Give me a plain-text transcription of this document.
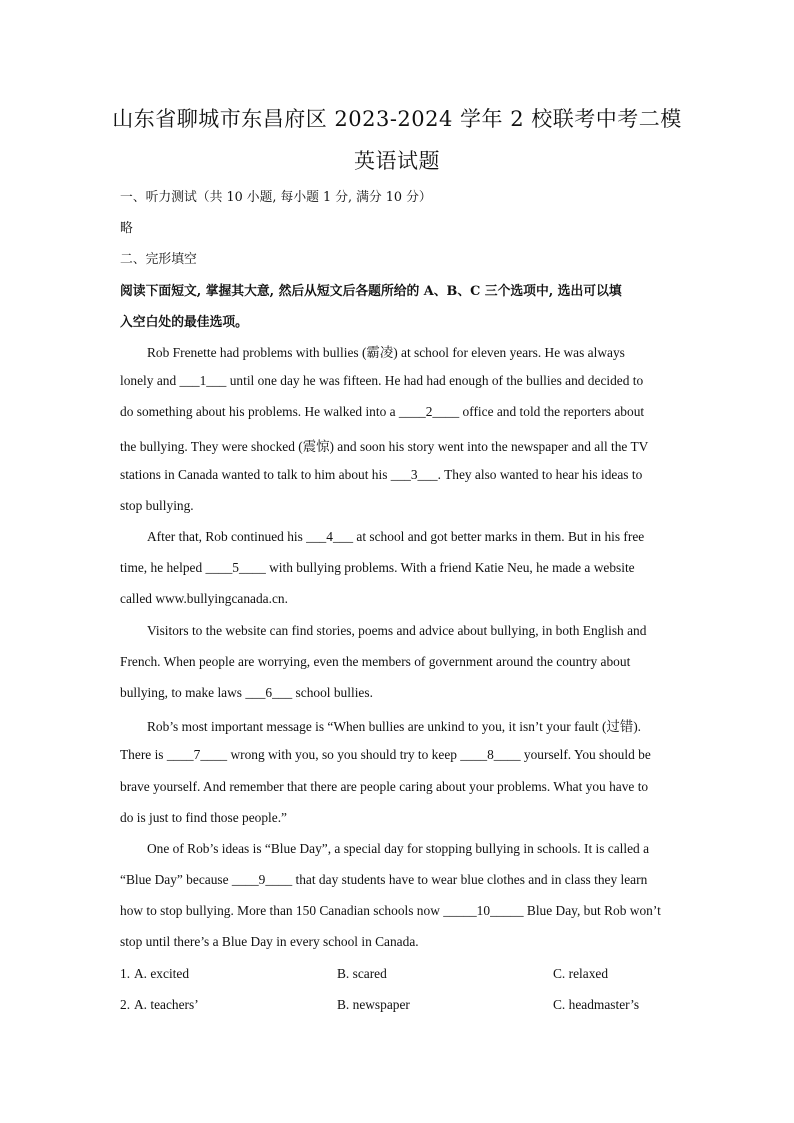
山东省聊城市东昌府区 2023-2024 学年 2 校联考中考二模
英语试题
一、听力测试（共 10 小题, 每小题 1 分, 满分 10 分）
略
二、完形填空
阅读下面短文, 掌握其大意, 然后从短文后各题所给的 A、B、C 三个选项中, 选出可以填
入空白处的最佳选项。
Rob Frenette had problems with bullies (霸凌) at school for eleven years. He was always
lonely and ___1___ until one day he was fifteen. He had had enough of the bullies and decided to
do something about his problems. He walked into a ____2____ office and told the reporters about
the bullying. They were shocked (震惊) and soon his story went into the newspaper and all the TV
stations in Canada wanted to talk to him about his ___3___. They also wanted to hear his ideas to
stop bullying.
After that, Rob continued his ___4___ at school and got better marks in them. But in his free
time, he helped ____5____ with bullying problems. With a friend Katie Neu, he made a website
called www.bullyingcanada.cn.
Visitors to the website can find stories, poems and advice about bullying, in both English and
French. When people are worrying, even the members of government around the country about
bullying, to make laws ___6___ school bullies.
Rob’s most important message is “When bullies are unkind to you, it isn’t your fault (过错).
There is ____7____ wrong with you, so you should try to keep ____8____ yourself. You should be
brave yourself. And remember that there are people caring about your problems. What you have to
do is just to find those people.”
One of Rob’s ideas is “Blue Day”, a special day for stopping bullying in schools. It is called a
“Blue Day” because ____9____ that day students have to wear blue clothes and in class they learn
how to stop bullying. More than 150 Canadian schools now _____10_____ Blue Day, but Rob won’t
stop until there’s a Blue Day in every school in Canada.
1. A. excited	B. scared	C. relaxed
2. A. teachers’	B. newspaper	C. headmaster’s
